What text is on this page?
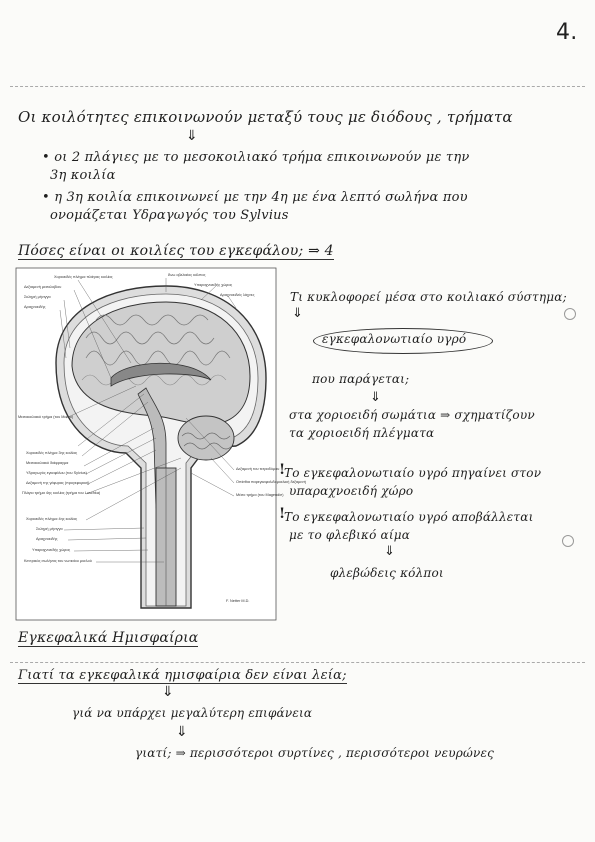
4.
Οι κοιλότητες επικοινωνούν μεταξύ τους με διόδους , τρήματα
⇓
• οι 2 πλάγιες με το μεσοκοιλιακό τρήμα επικοινωνούν με την
3η κοιλία
• η 3η κοιλία επικοινωνεί με την 4η με ένα λεπτό σωλήνα που
ονομάζεται Υδραγωγός του Sylvius
Πόσες είναι οι κοιλίες του εγκεφάλου; ⇒ 4
Χοριοειδές πλέγμα πλάγιας κοιλίας
Δεξιαμενή μεσολοβίου
Σκληρή μήνιγγα
Αραχνοειδής
Μεσοκοιλιακό τρήμα (του Monro)
Χοριοειδές πλέγμα 3ης κοιλίας
Μεσοκοιλιακό διάφραγμα
Υδραγωγός εγκεφάλου (του Sylvius)
Δεξαμενή της γέφυρας (προγεφυρική)
Πλάγιο τρήμα 4ης κοιλίας (τρήμα του Luschka)
Χοριοειδές πλέγμα 4ης κοιλίας
Σκληρή μήνιγγα
Αραχνοειδής
Υπαραχνοειδής χώρος
Κεντρικός σωλήνας του νωτιαίου μυελού
Άνω οβελιαίος κόλπος
Υπαραχνοειδής χώρος
Αραχνοειδείς λάχνες
Δεξαμενή του τετραδύμου
Οπίσθια παρεγκεφαλιδομυελική δεξαμενή
Μέσο τρήμα (του Magendie)
F. Netter M.D.
Τι κυκλοφορεί μέσα στο κοιλιακό σύστημα;
⇓
εγκεφαλονωτιαίο υγρό
που παράγεται;
⇓
στα χοριοειδή σωμάτια ⇒ σχηματίζουν
τα χοριοειδή πλέγματα
Το εγκεφαλονωτιαίο υγρό πηγαίνει στον
υπαραχνοειδή χώρο
Το εγκεφαλονωτιαίο υγρό αποβάλλεται
με το φλεβικό αίμα
⇓
φλεβώδεις κόλποι
!
!
Εγκεφαλικά Ημισφαίρια
Γιατί τα εγκεφαλικά ημισφαίρια δεν είναι λεία;
⇓
γιά να υπάρχει μεγαλύτερη επιφάνεια
⇓
γιατί; ⇒ περισσότεροι συρτίνες , περισσότεροι νευρώνες
